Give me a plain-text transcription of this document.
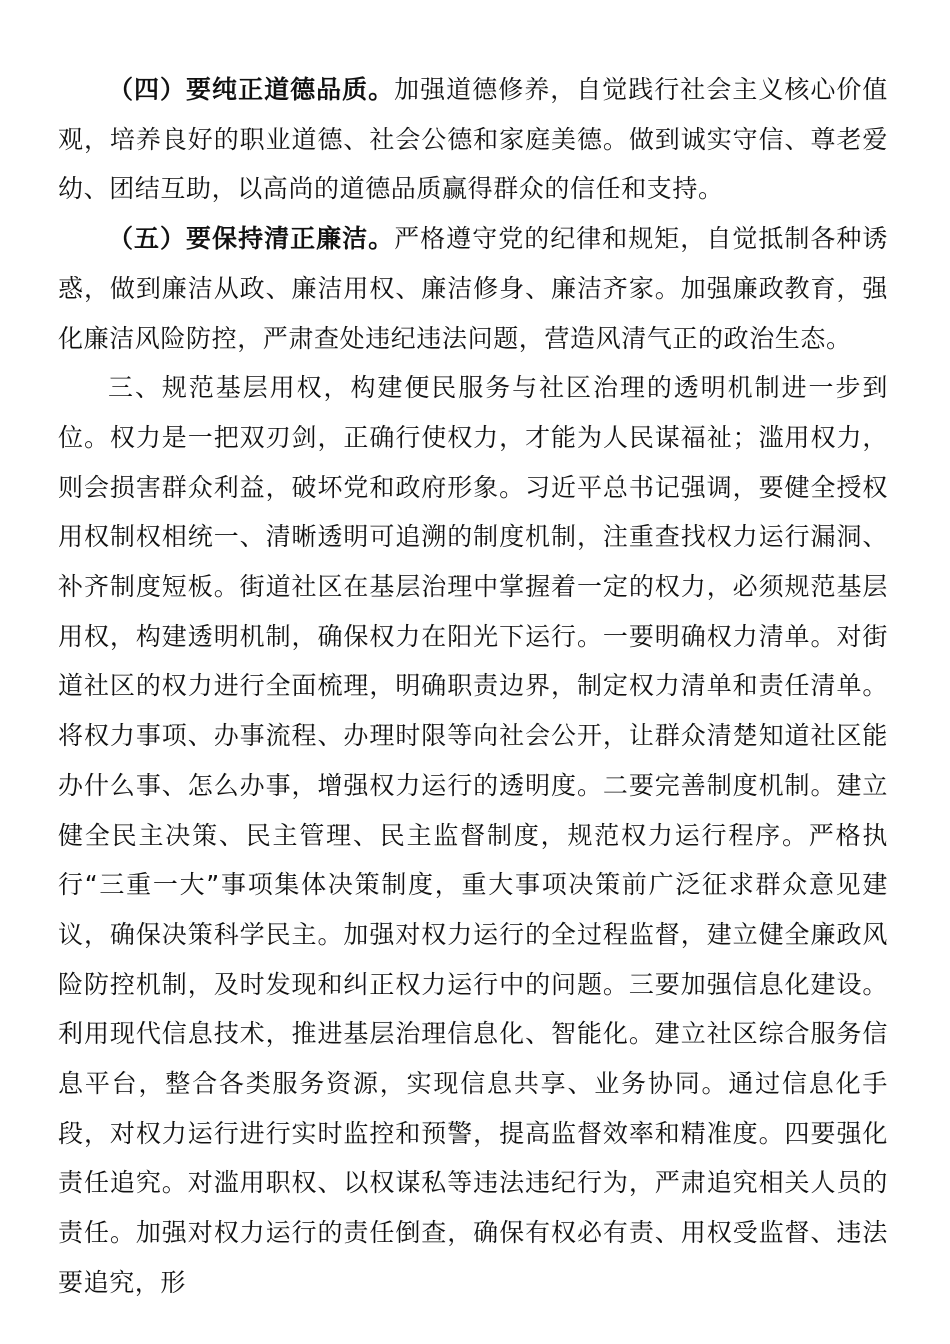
（四）要纯正道德品质。加强道德修养，自觉践行社会主义核心价值观，培养良好的职业道德、社会公德和家庭美德。做到诚实守信、尊老爱幼、团结互助，以高尚的道德品质赢得群众的信任和支持。

（五）要保持清正廉洁。严格遵守党的纪律和规矩，自觉抵制各种诱惑，做到廉洁从政、廉洁用权、廉洁修身、廉洁齐家。加强廉政教育，强化廉洁风险防控，严肃查处违纪违法问题，营造风清气正的政治生态。

三、规范基层用权，构建便民服务与社区治理的透明机制进一步到位。权力是一把双刃剑，正确行使权力，才能为人民谋福祉；滥用权力，则会损害群众利益，破坏党和政府形象。习近平总书记强调，要健全授权用权制权相统一、清晰透明可追溯的制度机制，注重查找权力运行漏洞、补齐制度短板。街道社区在基层治理中掌握着一定的权力，必须规范基层用权，构建透明机制，确保权力在阳光下运行。一要明确权力清单。对街道社区的权力进行全面梳理，明确职责边界，制定权力清单和责任清单。将权力事项、办事流程、办理时限等向社会公开，让群众清楚知道社区能办什么事、怎么办事，增强权力运行的透明度。二要完善制度机制。建立健全民主决策、民主管理、民主监督制度，规范权力运行程序。严格执行“三重一大”事项集体决策制度，重大事项决策前广泛征求群众意见建议，确保决策科学民主。加强对权力运行的全过程监督，建立健全廉政风险防控机制，及时发现和纠正权力运行中的问题。三要加强信息化建设。利用现代信息技术，推进基层治理信息化、智能化。建立社区综合服务信息平台，整合各类服务资源，实现信息共享、业务协同。通过信息化手段，对权力运行进行实时监控和预警，提高监督效率和精准度。四要强化责任追究。对滥用职权、以权谋私等违法违纪行为，严肃追究相关人员的责任。加强对权力运行的责任倒查，确保有权必有责、用权受监督、违法要追究，形
